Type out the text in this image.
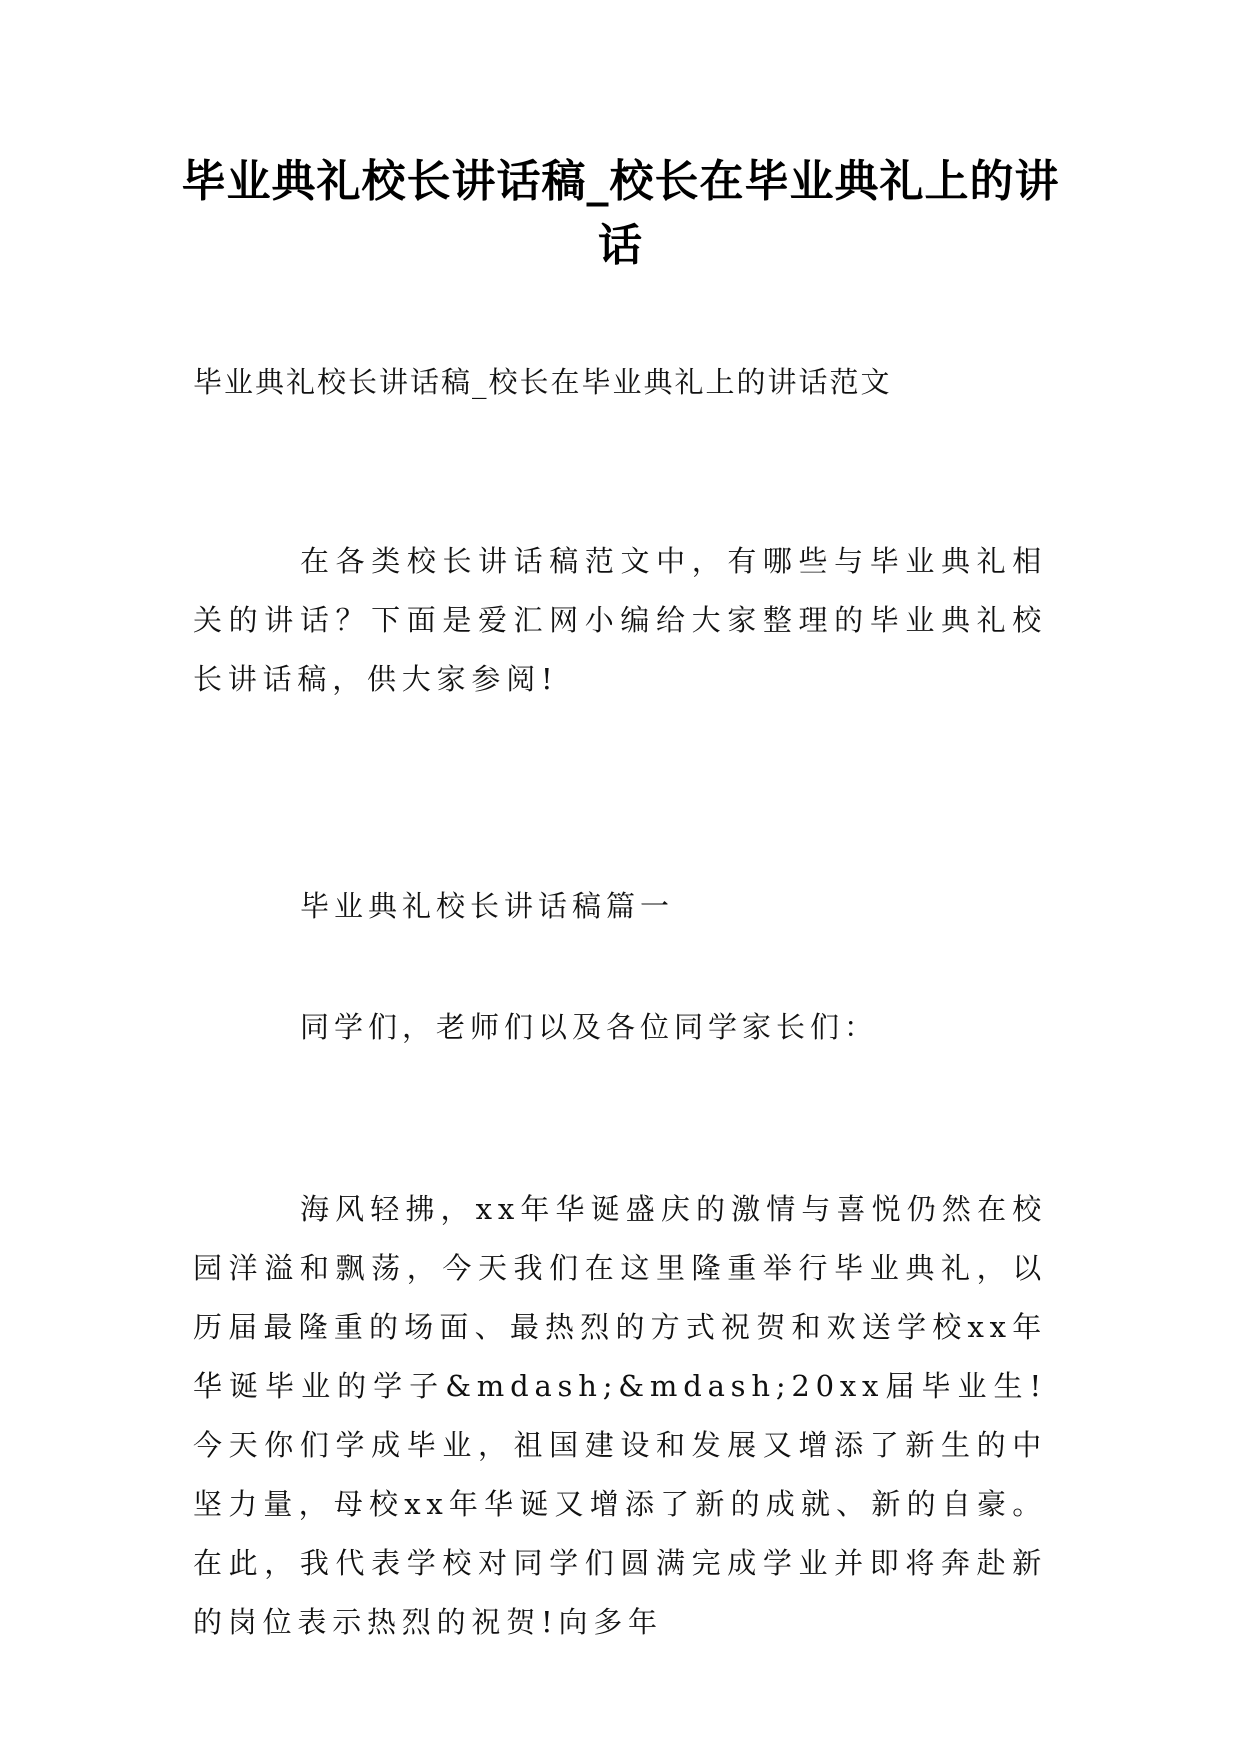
毕业典礼校长讲话稿_校长在毕业典礼上的讲话

毕业典礼校长讲话稿_校长在毕业典礼上的讲话范文

在各类校长讲话稿范文中，有哪些与毕业典礼相关的讲话？下面是爱汇网小编给大家整理的毕业典礼校长讲话稿，供大家参阅!

毕业典礼校长讲话稿篇一

同学们，老师们以及各位同学家长们：

海风轻拂，xx年华诞盛庆的激情与喜悦仍然在校园洋溢和飘荡，今天我们在这里隆重举行毕业典礼，以历届最隆重的场面、最热烈的方式祝贺和欢送学校xx年华诞毕业的学子&mdash;&mdash;20xx届毕业生!今天你们学成毕业，祖国建设和发展又增添了新生的中坚力量，母校xx年华诞又增添了新的成就、新的自豪。在此，我代表学校对同学们圆满完成学业并即将奔赴新的岗位表示热烈的祝贺!向多年
